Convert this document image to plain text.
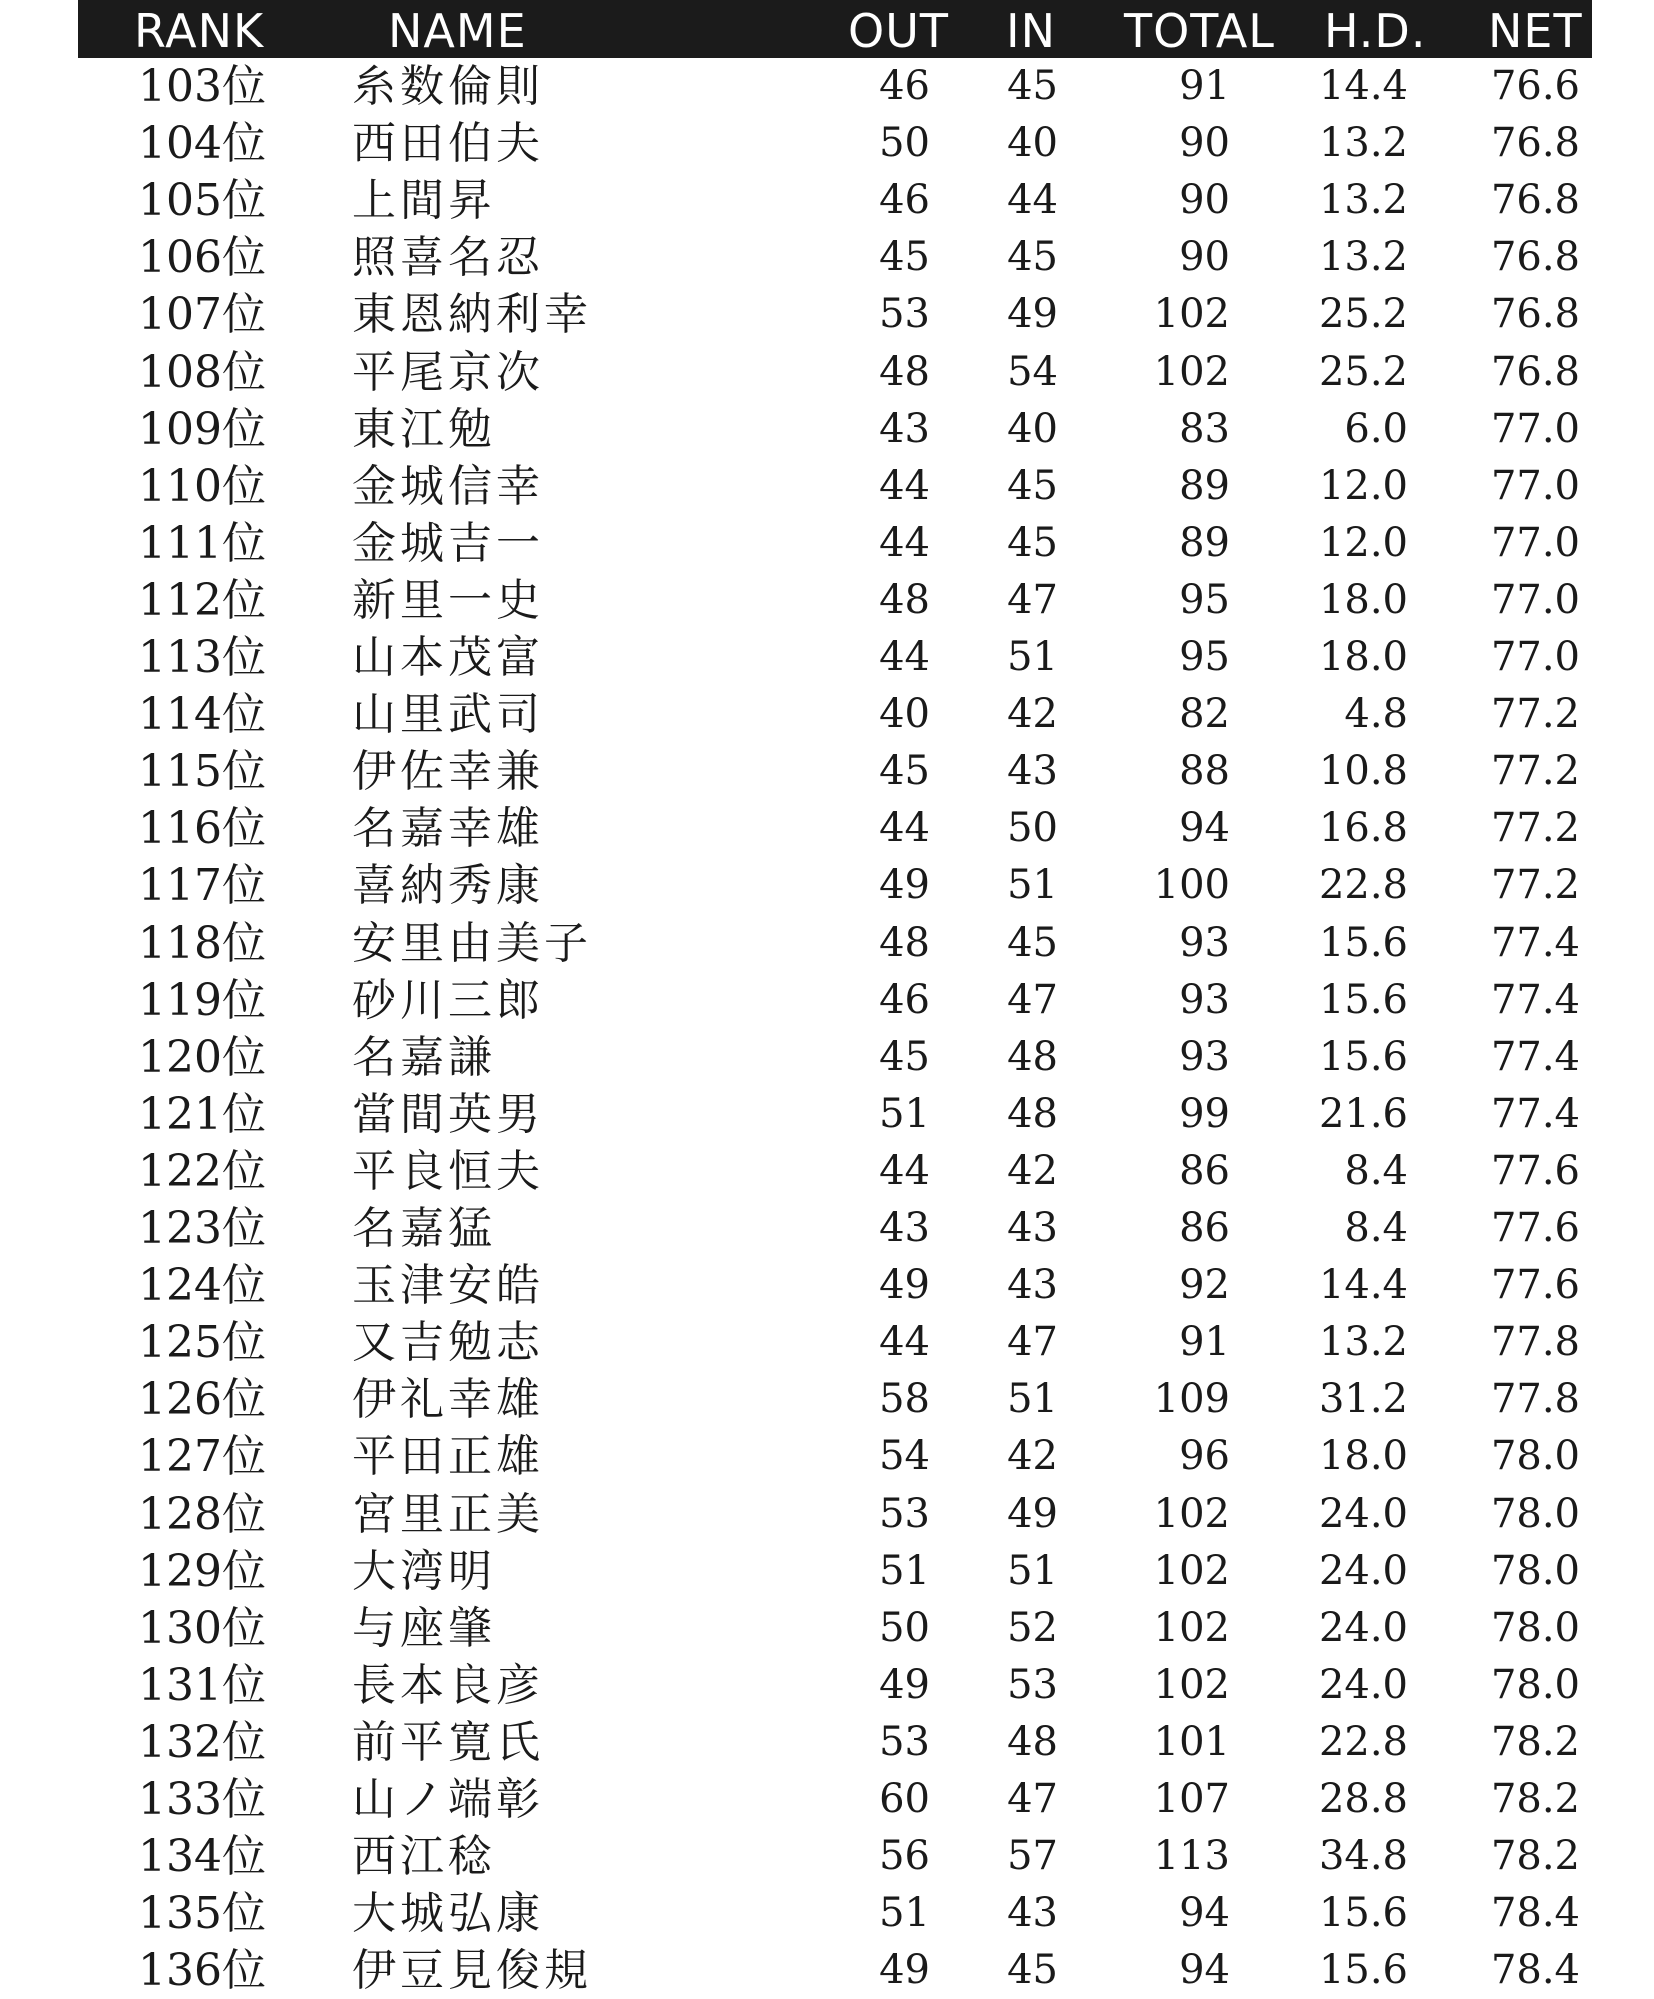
RANK	NAME	OUT IN TOTAL H.D. NET
103位 糸数倫則	46	45	91	14.4	76.6
104位 西田伯夫	50	40	90	13.2	76.8
105位 上間昇	46	44	90	13.2	76.8
106位 照喜名忍	45	45	90	13.2	76.8
107位 東恩納利幸	53	49	102	25.2	76.8
108位 平尾京次	48	54	102	25.2	76.8
109位 東江勉	43	40	83	6.0	77.0
110位 金城信幸	44	45	89	12.0	77.0
111位 金城吉一	44	45	89	12.0	77.0
112位 新里一史	48	47	95	18.0	77.0
113位 山本茂富	44	51	95	18.0	77.0
114位 山里武司	40	42	82	4.8	77.2
115位 伊佐幸兼	45	43	88	10.8	77.2
116位 名嘉幸雄	44	50	94	16.8	77.2
117位 喜納秀康	49	51	100	22.8	77.2
118位 安里由美子	48	45	93	15.6	77.4
119位 砂川三郎	46	47	93	15.6	77.4
120位 名嘉謙	45	48	93	15.6	77.4
121位 當間英男	51	48	99	21.6	77.4
122位 平良恒夫	44	42	86	8.4	77.6
123位 名嘉猛	43	43	86	8.4	77.6
124位 玉津安皓	49	43	92	14.4	77.6
125位 又吉勉志	44	47	91	13.2	77.8
126位 伊礼幸雄	58	51	109	31.2	77.8
127位 平田正雄	54	42	96	18.0	78.0
128位 宮里正美	53	49	102	24.0	78.0
129位 大湾明	51	51	102	24.0	78.0
130位 与座肇	50	52	102	24.0	78.0
131位 長本良彦	49	53	102	24.0	78.0
132位 前平寛氏	53	48	101	22.8	78.2
133位 山ノ端彰	60	47	107	28.8	78.2
134位 西江稔	56	57	113	34.8	78.2
135位 大城弘康	51	43	94	15.6	78.4
136位 伊豆見俊規	49	45	94	15.6	78.4
